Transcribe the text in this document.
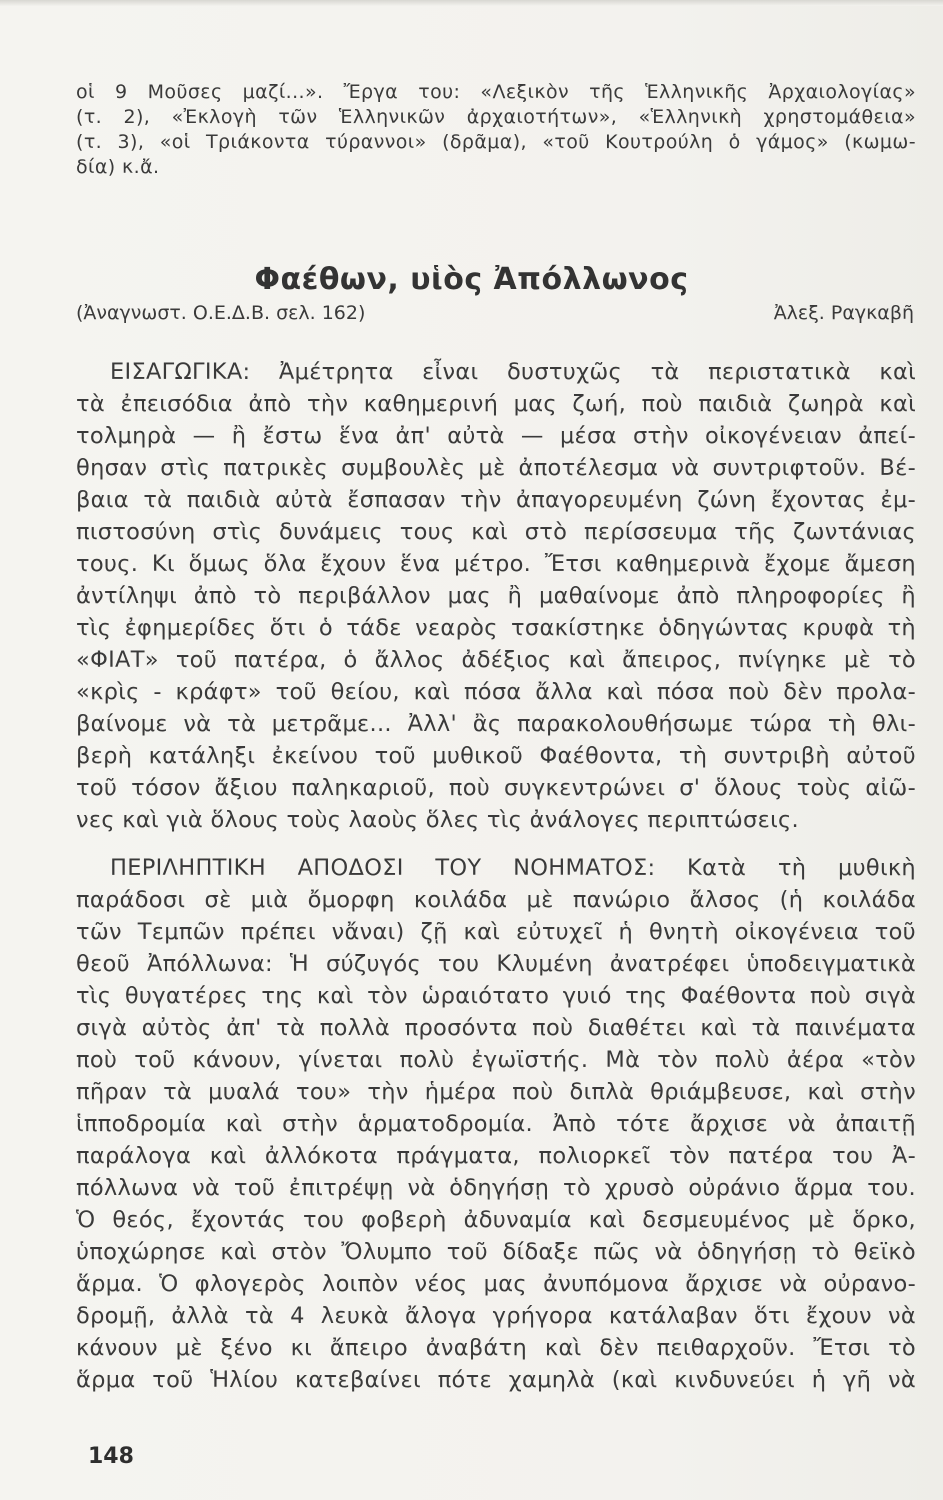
οἱ 9 Μοῦσες μαζί...». Ἔργα του: «Λεξικὸν τῆς Ἑλληνικῆς Ἀρχαιολογίας»
(τ. 2), «Ἐκλογὴ τῶν Ἑλληνικῶν ἀρχαιοτήτων», «Ἑλληνικὴ χρηστομάθεια»
(τ. 3), «οἱ Τριάκοντα τύραννοι» (δρᾶμα), «τοῦ Κουτρούλη ὁ γάμος» (κωμω-
δία) κ.ἄ.
Φαέθων, υἱὸς Ἀπόλλωνος
(Ἀναγνωστ. Ο.Ε.Δ.Β. σελ. 162)	Ἀλεξ. Ραγκαβῆ
ΕΙΣΑΓΩΓΙΚΑ: Ἀμέτρητα εἶναι δυστυχῶς τὰ περιστατικὰ καὶ
τὰ ἐπεισόδια ἀπὸ τὴν καθημερινή μας ζωή, ποὺ παιδιὰ ζωηρὰ καὶ
τολμηρὰ — ἢ ἔστω ἕνα ἀπ' αὐτὰ — μέσα στὴν οἰκογένειαν ἀπεί-
θησαν στὶς πατρικὲς συμβουλὲς μὲ ἀποτέλεσμα νὰ συντριφτοῦν. Βέ-
βαια τὰ παιδιὰ αὐτὰ ἔσπασαν τὴν ἀπαγορευμένη ζώνη ἔχοντας ἐμ-
πιστοσύνη στὶς δυνάμεις τους καὶ στὸ περίσσευμα τῆς ζωντάνιας
τους. Κι ὅμως ὅλα ἔχουν ἕνα μέτρο. Ἔτσι καθημερινὰ ἔχομε ἄμεση
ἀντίληψι ἀπὸ τὸ περιβάλλον μας ἢ μαθαίνομε ἀπὸ πληροφορίες ἢ
τὶς ἐφημερίδες ὅτι ὁ τάδε νεαρὸς τσακίστηκε ὁδηγώντας κρυφὰ τὴ
«ΦΙΑΤ» τοῦ πατέρα, ὁ ἄλλος ἀδέξιος καὶ ἄπειρος, πνίγηκε μὲ τὸ
«κρὶς - κράφτ» τοῦ θείου, καὶ πόσα ἄλλα καὶ πόσα ποὺ δὲν προλα-
βαίνομε νὰ τὰ μετρᾶμε... Ἀλλ' ἂς παρακολουθήσωμε τώρα τὴ θλι-
βερὴ κατάληξι ἐκείνου τοῦ μυθικοῦ Φαέθοντα, τὴ συντριβὴ αὐτοῦ
τοῦ τόσον ἄξιου παληκαριοῦ, ποὺ συγκεντρώνει σ' ὅλους τοὺς αἰῶ-
νες καὶ γιὰ ὅλους τοὺς λαοὺς ὅλες τὶς ἀνάλογες περιπτώσεις.
ΠΕΡΙΛΗΠΤΙΚΗ ΑΠΟΔΟΣΙ ΤΟΥ ΝΟΗΜΑΤΟΣ: Κατὰ τὴ μυθικὴ
παράδοσι σὲ μιὰ ὄμορφη κοιλάδα μὲ πανώριο ἄλσος (ἡ κοιλάδα
τῶν Τεμπῶν πρέπει νἄναι) ζῇ καὶ εὐτυχεῖ ἡ θνητὴ οἰκογένεια τοῦ
θεοῦ Ἀπόλλωνα: Ἡ σύζυγός του Κλυμένη ἀνατρέφει ὑποδειγματικὰ
τὶς θυγατέρες της καὶ τὸν ὡραιότατο γυιό της Φαέθοντα ποὺ σιγὰ
σιγὰ αὐτὸς ἀπ' τὰ πολλὰ προσόντα ποὺ διαθέτει καὶ τὰ παινέματα
ποὺ τοῦ κάνουν, γίνεται πολὺ ἐγωϊστής. Μὰ τὸν πολὺ ἀέρα «τὸν
πῆραν τὰ μυαλά του» τὴν ἡμέρα ποὺ διπλὰ θριάμβευσε, καὶ στὴν
ἱπποδρομία καὶ στὴν ἁρματοδρομία. Ἀπὸ τότε ἄρχισε νὰ ἀπαιτῇ
παράλογα καὶ ἀλλόκοτα πράγματα, πολιορκεῖ τὸν πατέρα του Ἀ-
πόλλωνα νὰ τοῦ ἐπιτρέψῃ νὰ ὁδηγήσῃ τὸ χρυσὸ οὐράνιο ἅρμα του.
Ὁ θεός, ἔχοντάς του φοβερὴ ἀδυναμία καὶ δεσμευμένος μὲ ὅρκο,
ὑποχώρησε καὶ στὸν Ὄλυμπο τοῦ δίδαξε πῶς νὰ ὁδηγήσῃ τὸ θεϊκὸ
ἅρμα. Ὁ φλογερὸς λοιπὸν νέος μας ἀνυπόμονα ἄρχισε νὰ οὐρανο-
δρομῇ, ἀλλὰ τὰ 4 λευκὰ ἄλογα γρήγορα κατάλαβαν ὅτι ἔχουν νὰ
κάνουν μὲ ξένο κι ἄπειρο ἀναβάτη καὶ δὲν πειθαρχοῦν. Ἔτσι τὸ
ἅρμα τοῦ Ἡλίου κατεβαίνει πότε χαμηλὰ (καὶ κινδυνεύει ἡ γῆ νὰ
148
